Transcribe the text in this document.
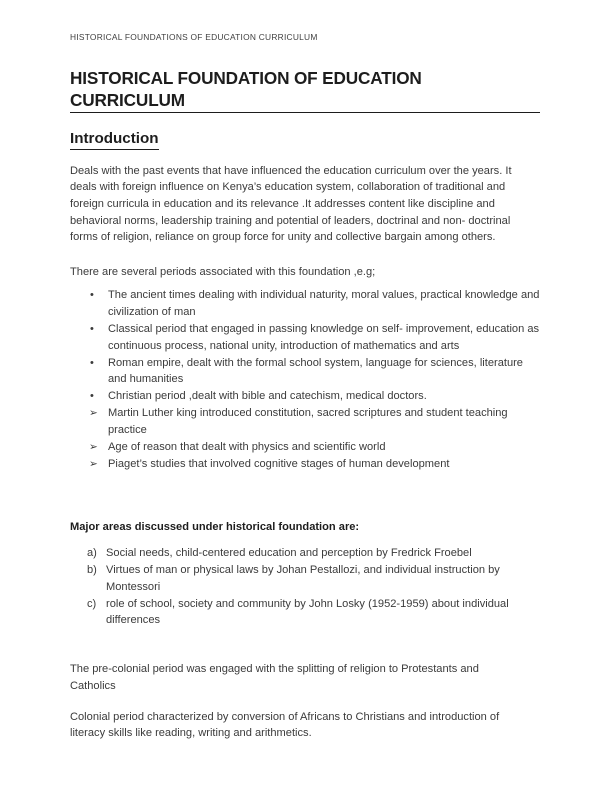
HISTORICAL FOUNDATIONS OF EDUCATION CURRICULUM
HISTORICAL FOUNDATION OF EDUCATION CURRICULUM
Introduction

Deals with the past events that have influenced the education curriculum over the years. It deals with foreign influence on Kenya’s education system, collaboration of traditional and foreign curricula in education and its relevance .It addresses content like discipline and behavioral norms, leadership training and potential of leaders, doctrinal and non- doctrinal forms of religion, reliance on group force for unity and collective bargain among others.

There are several periods associated with this foundation ,e.g;

• The ancient times dealing with individual naturity, moral values, practical knowledge and civilization of man
• Classical period that engaged in passing knowledge on self- improvement, education as continuous process, national unity, introduction of mathematics and arts
• Roman empire, dealt with the formal school system, language for sciences, literature and humanities
• Christian period ,dealt with bible and catechism, medical doctors.
➢ Martin Luther king introduced constitution, sacred scriptures and student teaching practice
➢ Age of reason that dealt with physics and scientific world
➢ Piaget’s studies that involved cognitive stages of human development
Major areas discussed under historical foundation are:
a) Social needs, child-centered education and perception by Fredrick Froebel
b) Virtues of man or physical laws by Johan Pestallozi, and individual instruction by Montessori
c) role of school, society and community by John Losky (1952-1959) about individual differences

The pre-colonial period was engaged with the splitting of religion to Protestants and Catholics

Colonial period characterized by conversion of Africans to Christians and introduction of literacy skills like reading, writing and arithmetics.
